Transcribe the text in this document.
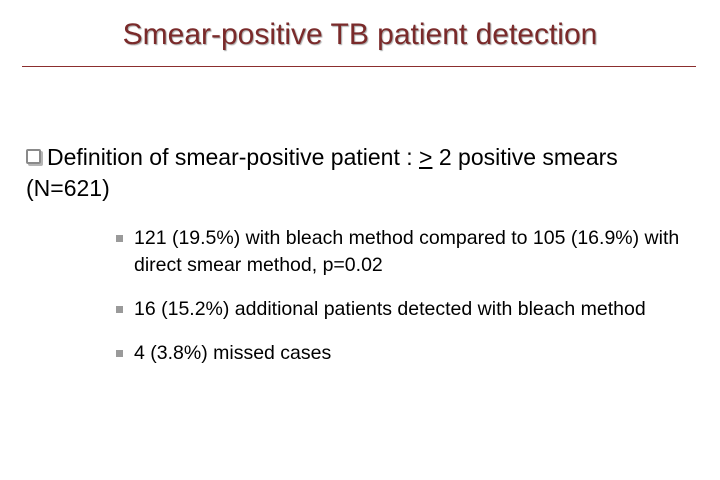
Smear-positive TB patient detection
Definition of smear-positive patient : > 2 positive smears (N=621)
121 (19.5%) with bleach method compared to 105 (16.9%) with direct smear method, p=0.02
16 (15.2%) additional patients detected with bleach method
4 (3.8%) missed cases
